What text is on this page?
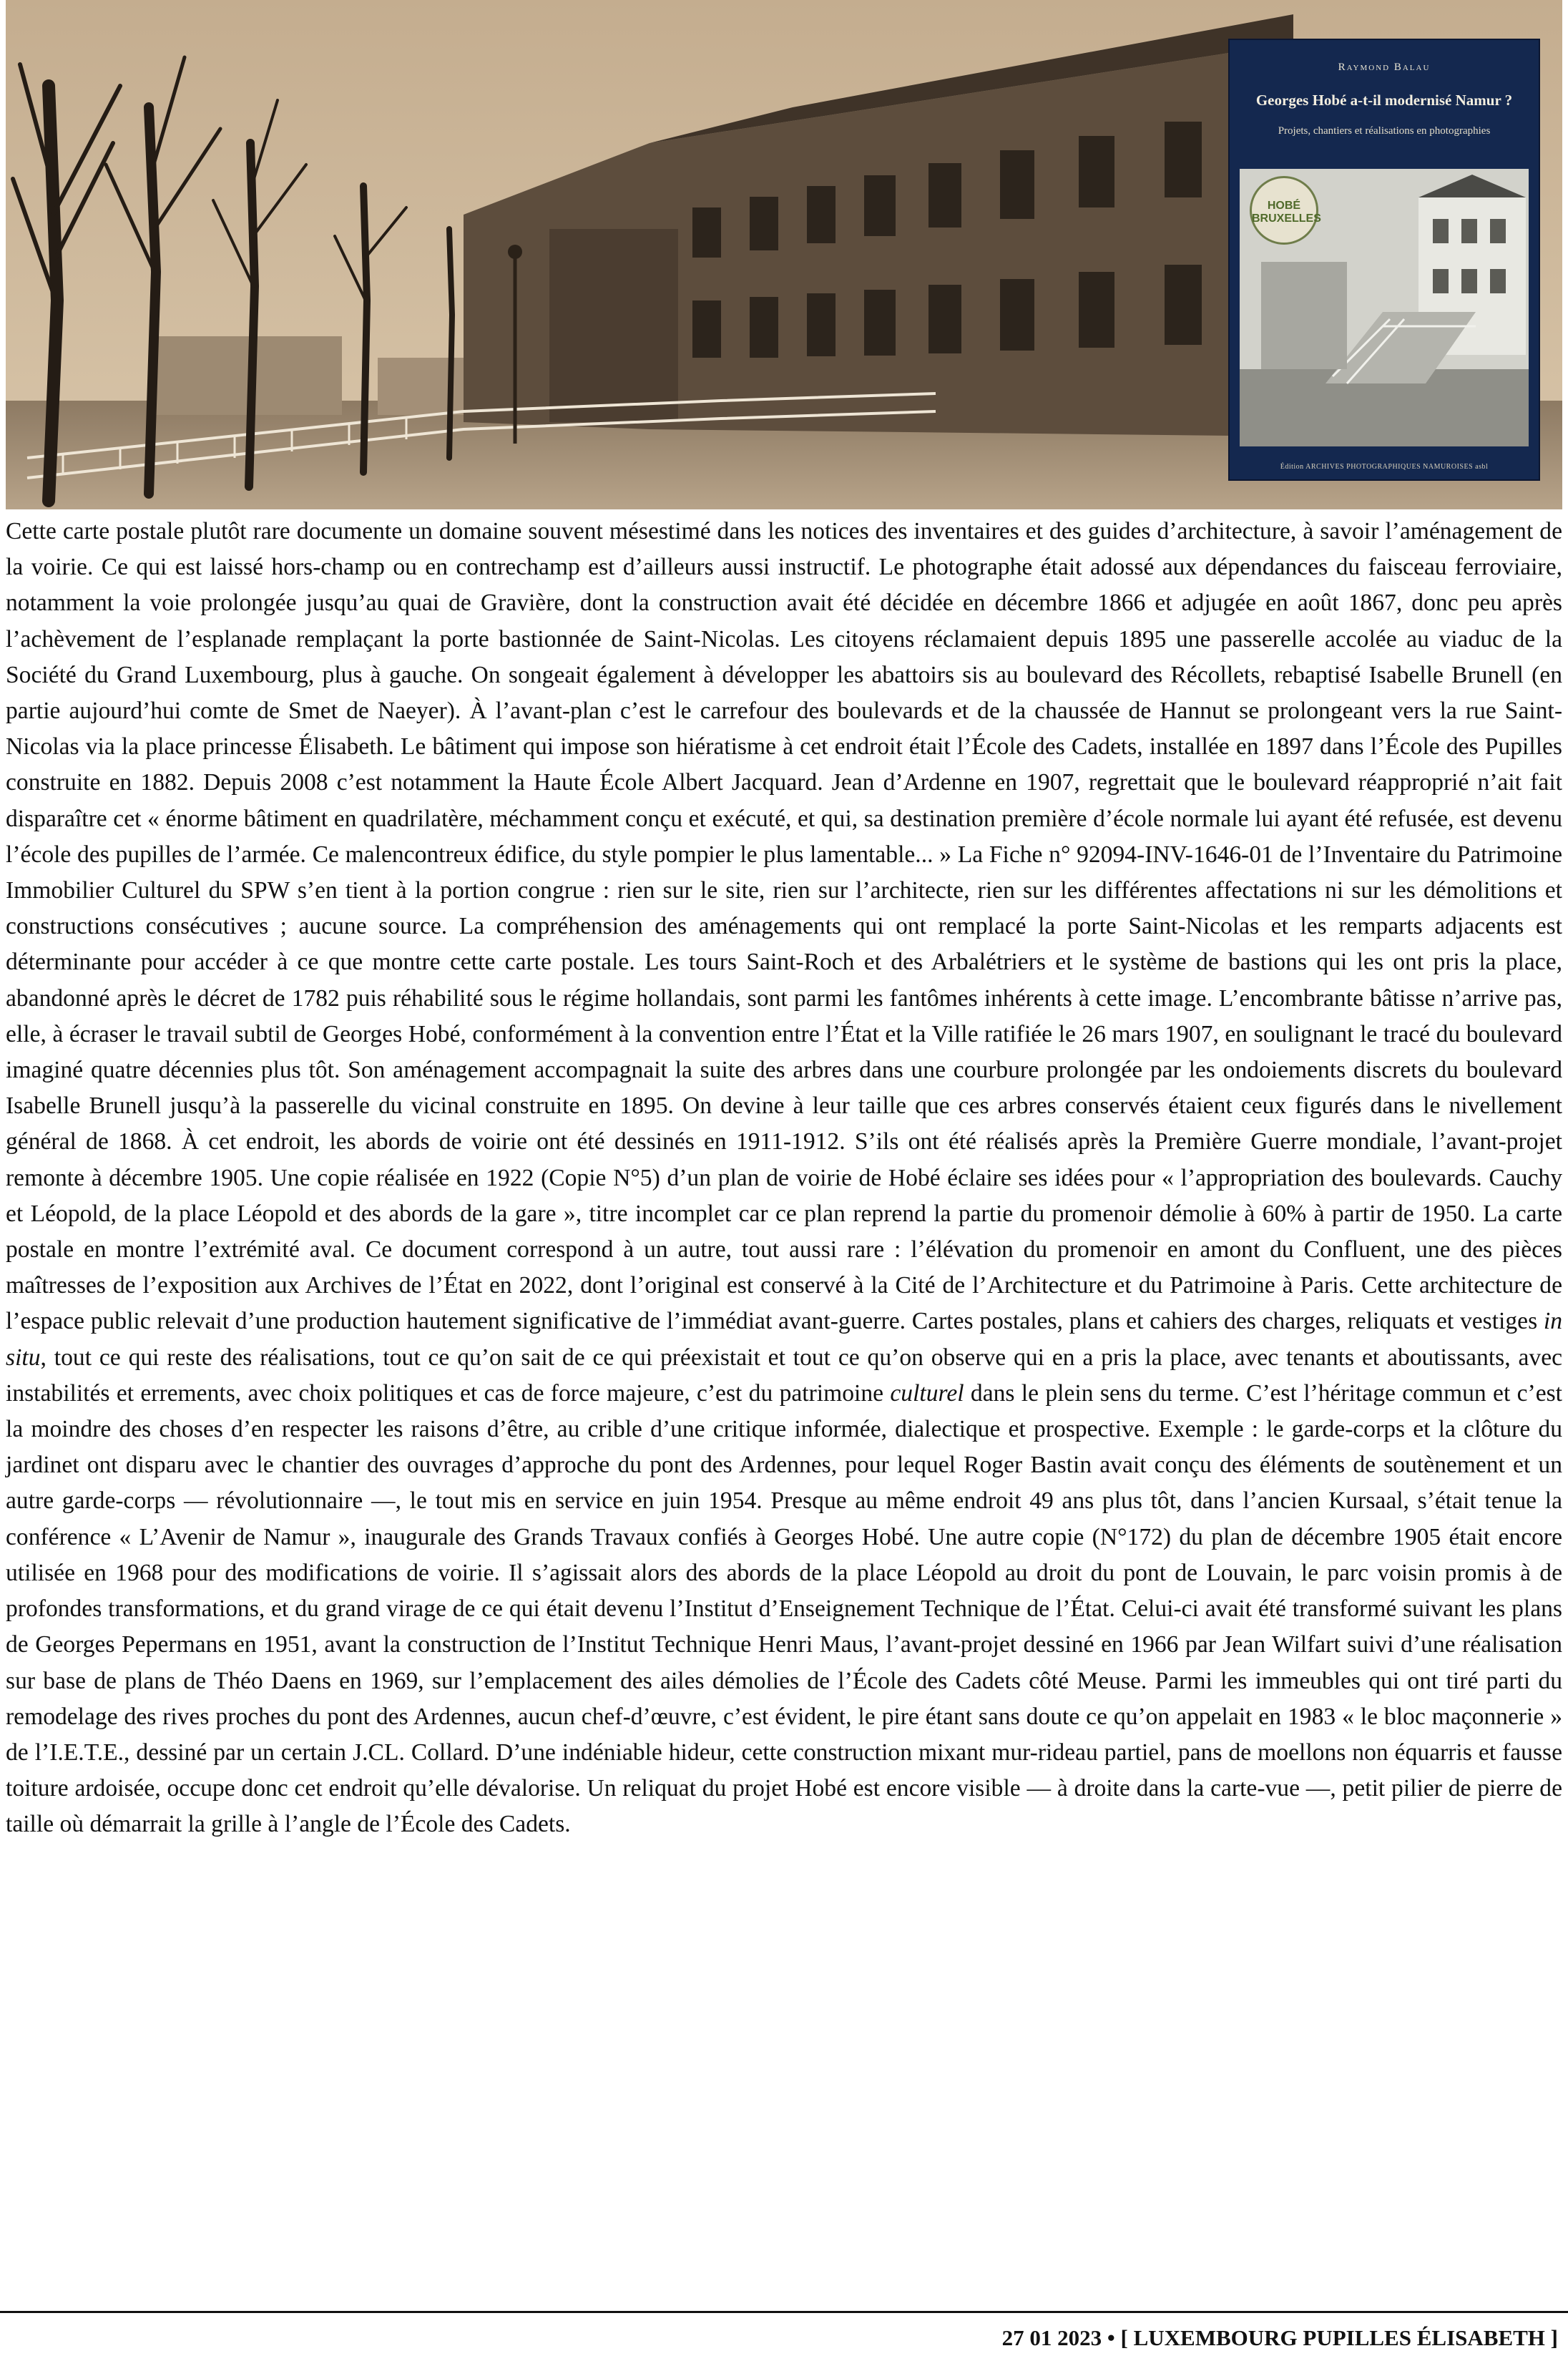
Raymond Balau
Georges Hobé a-t-il modernisé Namur ?
Projets, chantiers et réalisations en photographies
HOBÉ
BRUXELLES
Édition ARCHIVES PHOTOGRAPHIQUES NAMUROISES asbl

Cette carte postale plutôt rare documente un domaine souvent mésestimé dans les notices des inventaires et des guides d’architecture, à savoir l’aménagement de la voirie. Ce qui est laissé hors-champ ou en contrechamp est d’ailleurs aussi instructif. Le photographe était adossé aux dépendances du faisceau ferroviaire, notamment la voie prolongée jusqu’au quai de Gravière, dont la construction avait été décidée en décembre 1866 et adjugée en août 1867, donc peu après l’achèvement de l’esplanade remplaçant la porte bastionnée de Saint-Nicolas. Les citoyens réclamaient depuis 1895 une passerelle accolée au viaduc de la Société du Grand Luxembourg, plus à gauche. On songeait également à développer les abattoirs sis au boulevard des Récollets, rebaptisé Isabelle Brunell (en partie aujourd’hui comte de Smet de Naeyer). À l’avant-plan c’est le carrefour des boulevards et de la chaussée de Hannut se prolongeant vers la rue Saint-Nicolas via la place princesse Élisabeth. Le bâtiment qui impose son hiératisme à cet endroit était l’École des Cadets, installée en 1897 dans l’École des Pupilles construite en 1882. Depuis 2008 c’est notamment la Haute École Albert Jacquard. Jean d’Ardenne en 1907, regrettait que le boulevard réapproprié n’ait fait disparaître cet « énorme bâtiment en quadrilatère, méchamment conçu et exécuté, et qui, sa destination première d’école normale lui ayant été refusée, est devenu l’école des pupilles de l’armée. Ce malencontreux édifice, du style pompier le plus lamentable... » La Fiche n° 92094-INV-1646-01 de l’Inventaire du Patrimoine Immobilier Culturel du SPW s’en tient à la portion congrue : rien sur le site, rien sur l’architecte, rien sur les différentes affectations ni sur les démolitions et constructions consécutives ; aucune source. La compréhension des aménagements qui ont remplacé la porte Saint-Nicolas et les remparts adjacents est déterminante pour accéder à ce que montre cette carte postale. Les tours Saint-Roch et des Arbalétriers et le système de bastions qui les ont pris la place, abandonné après le décret de 1782 puis réhabilité sous le régime hollandais, sont parmi les fantômes inhérents à cette image. L’encombrante bâtisse n’arrive pas, elle, à écraser le travail subtil de Georges Hobé, conformément à la convention entre l’État et la Ville ratifiée le 26 mars 1907, en soulignant le tracé du boulevard imaginé quatre décennies plus tôt. Son aménagement accompagnait la suite des arbres dans une courbure prolongée par les ondoiements discrets du boulevard Isabelle Brunell jusqu’à la passerelle du vicinal construite en 1895. On devine à leur taille que ces arbres conservés étaient ceux figurés dans le nivellement général de 1868. À cet endroit, les abords de voirie ont été dessinés en 1911-1912. S’ils ont été réalisés après la Première Guerre mondiale, l’avant-projet remonte à décembre 1905. Une copie réalisée en 1922 (Copie N°5) d’un plan de voirie de Hobé éclaire ses idées pour « l’appropriation des boulevards. Cauchy et Léopold, de la place Léopold et des abords de la gare », titre incomplet car ce plan reprend la partie du promenoir démolie à 60% à partir de 1950. La carte postale en montre l’extrémité aval. Ce document correspond à un autre, tout aussi rare : l’élévation du promenoir en amont du Confluent, une des pièces maîtresses de l’exposition aux Archives de l’État en 2022, dont l’original est conservé à la Cité de l’Architecture et du Patrimoine à Paris. Cette architecture de l’espace public relevait d’une production hautement significative de l’immédiat avant-guerre. Cartes postales, plans et cahiers des charges, reliquats et vestiges in situ, tout ce qui reste des réalisations, tout ce qu’on sait de ce qui préexistait et tout ce qu’on observe qui en a pris la place, avec tenants et aboutissants, avec instabilités et errements, avec choix politiques et cas de force majeure, c’est du patrimoine culturel dans le plein sens du terme. C’est l’héritage commun et c’est la moindre des choses d’en respecter les raisons d’être, au crible d’une critique informée, dialectique et prospective. Exemple : le garde-corps et la clôture du jardinet ont disparu avec le chantier des ouvrages d’approche du pont des Ardennes, pour lequel Roger Bastin avait conçu des éléments de soutènement et un autre garde-corps — révolutionnaire —, le tout mis en service en juin 1954. Presque au même endroit 49 ans plus tôt, dans l’ancien Kursaal, s’était tenue la conférence « L’Avenir de Namur », inaugurale des Grands Travaux confiés à Georges Hobé. Une autre copie (N°172) du plan de décembre 1905 était encore utilisée en 1968 pour des modifications de voirie. Il s’agissait alors des abords de la place Léopold au droit du pont de Louvain, le parc voisin promis à de profondes transformations, et du grand virage de ce qui était devenu l’Institut d’Enseignement Technique de l’État. Celui-ci avait été transformé suivant les plans de Georges Pepermans en 1951, avant la construction de l’Institut Technique Henri Maus, l’avant-projet dessiné en 1966 par Jean Wilfart suivi d’une réalisation sur base de plans de Théo Daens en 1969, sur l’emplacement des ailes démolies de l’École des Cadets côté Meuse. Parmi les immeubles qui ont tiré parti du remodelage des rives proches du pont des Ardennes, aucun chef-d’œuvre, c’est évident, le pire étant sans doute ce qu’on appelait en 1983 « le bloc maçonnerie » de l’I.E.T.E., dessiné par un certain J.CL. Collard. D’une indéniable hideur, cette construction mixant mur-rideau partiel, pans de moellons non équarris et fausse toiture ardoisée, occupe donc cet endroit qu’elle dévalorise. Un reliquat du projet Hobé est encore visible — à droite dans la carte-vue —, petit pilier de pierre de taille où démarrait la grille à l’angle de l’École des Cadets.

27 01 2023 • [ LUXEMBOURG PUPILLES ÉLISABETH ]
